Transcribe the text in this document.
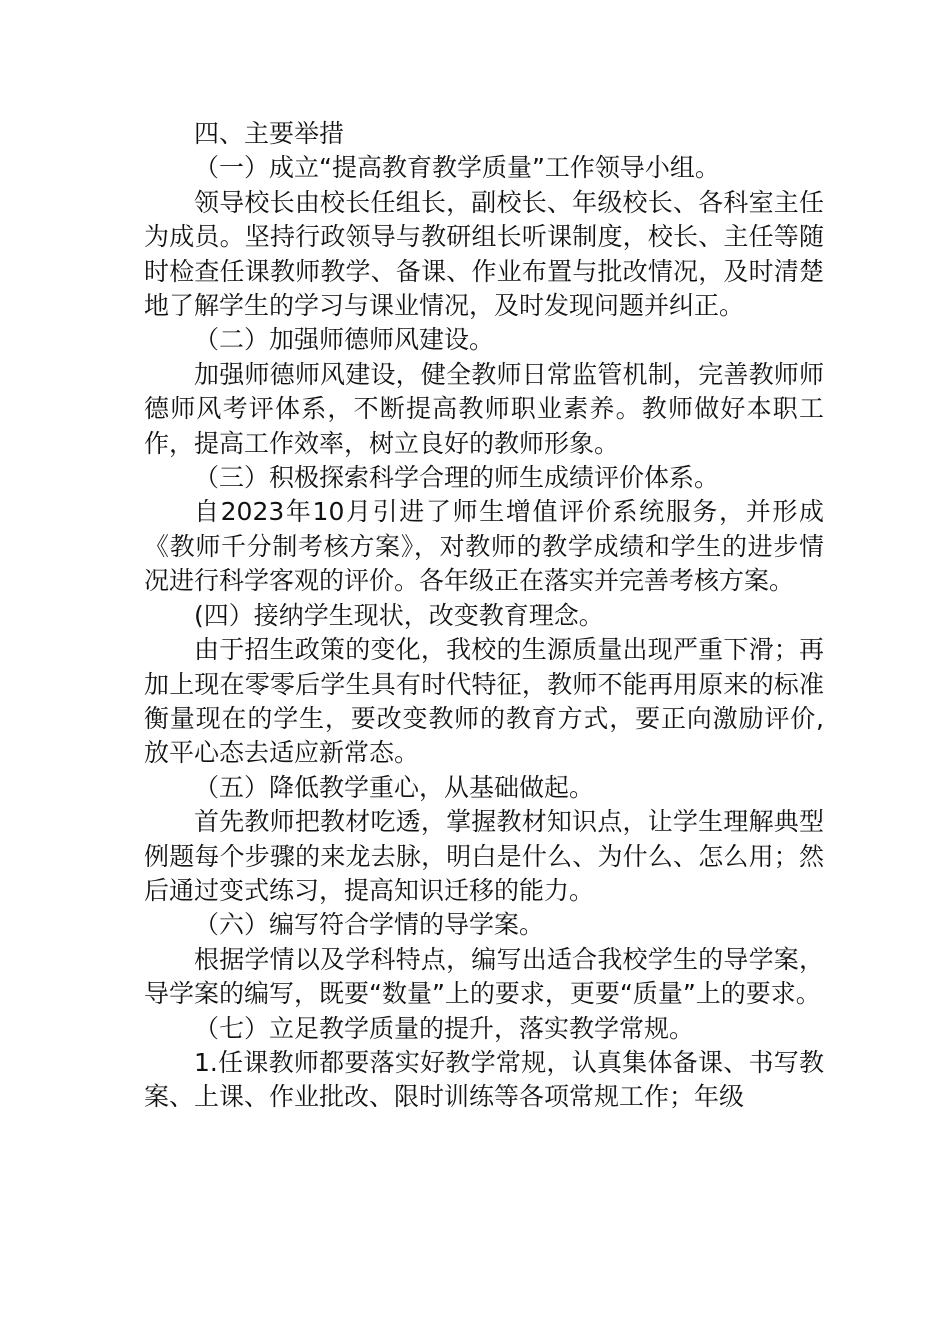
四、主要举措

（一）成立“提高教育教学质量”工作领导小组。

领导校长由校长任组长，副校长、年级校长、各科室主任为成员。坚持行政领导与教研组长听课制度，校长、主任等随时检查任课教师教学、备课、作业布置与批改情况，及时清楚地了解学生的学习与课业情况，及时发现问题并纠正。

（二）加强师德师风建设。

加强师德师风建设，健全教师日常监管机制，完善教师师德师风考评体系，不断提高教师职业素养。教师做好本职工作，提高工作效率，树立良好的教师形象。

（三）积极探索科学合理的师生成绩评价体系。

自2023年10月引进了师生增值评价系统服务，并形成《教师千分制考核方案》，对教师的教学成绩和学生的进步情况进行科学客观的评价。各年级正在落实并完善考核方案。

(四）接纳学生现状，改变教育理念。

由于招生政策的变化，我校的生源质量出现严重下滑；再加上现在零零后学生具有时代特征，教师不能再用原来的标准衡量现在的学生，要改变教师的教育方式，要正向激励评价,放平心态去适应新常态。

（五）降低教学重心，从基础做起。

首先教师把教材吃透，掌握教材知识点，让学生理解典型例题每个步骤的来龙去脉，明白是什么、为什么、怎么用；然后通过变式练习，提高知识迁移的能力。

（六）编写符合学情的导学案。

根据学情以及学科特点，编写出适合我校学生的导学案， 导学案的编写，既要“数量”上的要求，更要“质量”上的要求。

（七）立足教学质量的提升，落实教学常规。

1.任课教师都要落实好教学常规，认真集体备课、书写教案、上课、作业批改、限时训练等各项常规工作；年级
